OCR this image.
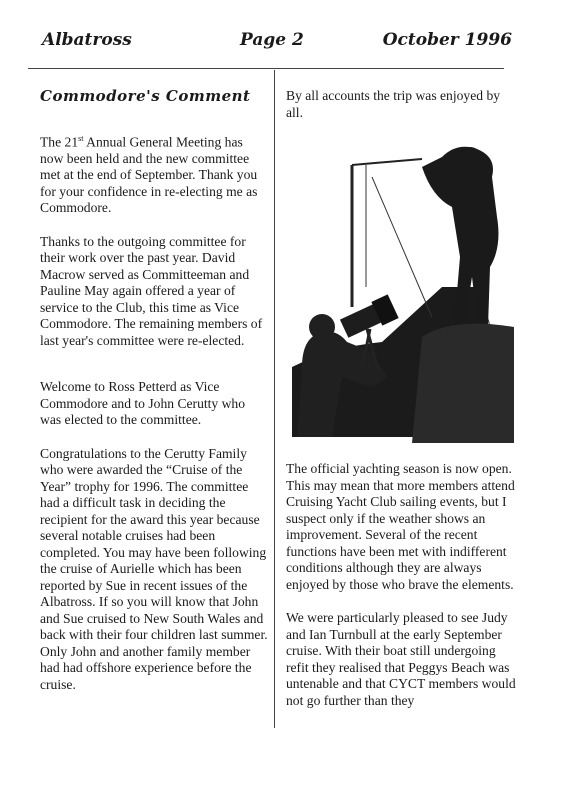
Albatross	Page 2	October 1996
Commodore's Comment

The 21st Annual General Meeting has now been held and the new committee met at the end of September. Thank you for your confidence in re-electing me as Commodore.

Thanks to the outgoing committee for their work over the past year. David Macrow served as Committeeman and Pauline May again offered a year of service to the Club, this time as Vice Commodore. The remaining members of last year's committee were re-elected.

Welcome to Ross Petterd as Vice Commodore and to John Cerutty who was elected to the committee.

Congratulations to the Cerutty Family who were awarded the “Cruise of the Year” trophy for 1996. The committee had a difficult task in deciding the recipient for the award this year because several notable cruises had been completed. You may have been following the cruise of Aurielle which has been reported by Sue in recent issues of the Albatross. If so you will know that John and Sue cruised to New South Wales and back with their four children last summer. Only John and another family member had had offshore experience before the cruise.

By all accounts the trip was enjoyed by all.

The official yachting season is now open. This may mean that more members attend Cruising Yacht Club sailing events, but I suspect only if the weather shows an improvement. Several of the recent functions have been met with indifferent conditions although they are always enjoyed by those who brave the elements.

We were particularly pleased to see Judy and Ian Turnbull at the early September cruise. With their boat still undergoing refit they realised that Peggys Beach was untenable and that CYCT members would not go further than they
